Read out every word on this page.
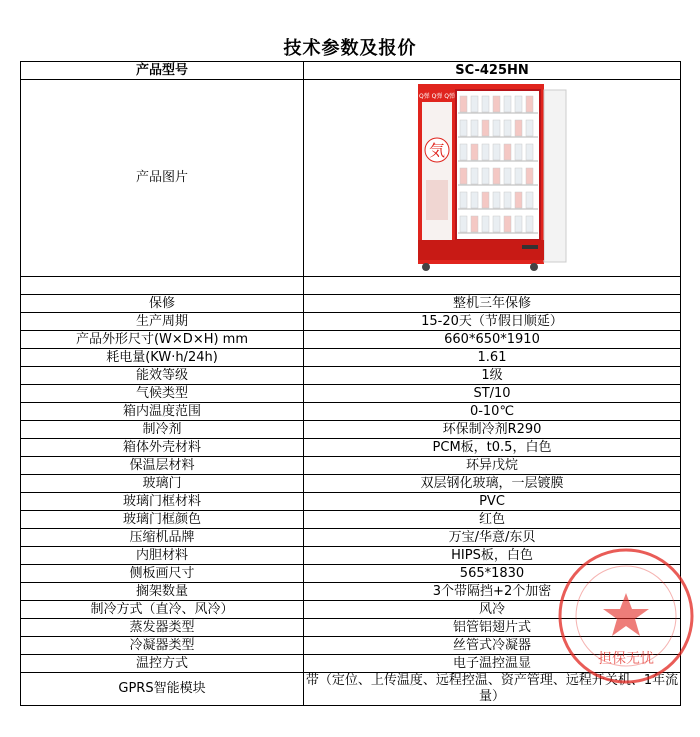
技术参数及报价
产品型号	SC-425HN
产品图片	Q弹 Q弹 Q弹
気

保修	整机三年保修
生产周期	15-20天（节假日顺延）
产品外形尺寸(W×D×H) mm	660*650*1910
耗电量(KW·h/24h)	1.61
能效等级	1级
气候类型	ST/10
箱内温度范围	0-10℃
制冷剂	环保制冷剂R290
箱体外壳材料	PCM板，t0.5，白色
保温层材料	环异戊烷
玻璃门	双层钢化玻璃，一层镀膜
玻璃门框材料	PVC
玻璃门框颜色	红色
压缩机品牌	万宝/华意/东贝
内胆材料	HIPS板，白色
侧板画尺寸	565*1830
搁架数量	3个带隔挡+2个加密
制冷方式（直冷、风冷）	风冷
蒸发器类型	铝管铝翅片式
冷凝器类型	丝管式冷凝器
温控方式	电子温控温显
GPRS智能模块	带（定位、上传温度、远程控温、资产管理、远程开关机、1年流量）
担保无忧
